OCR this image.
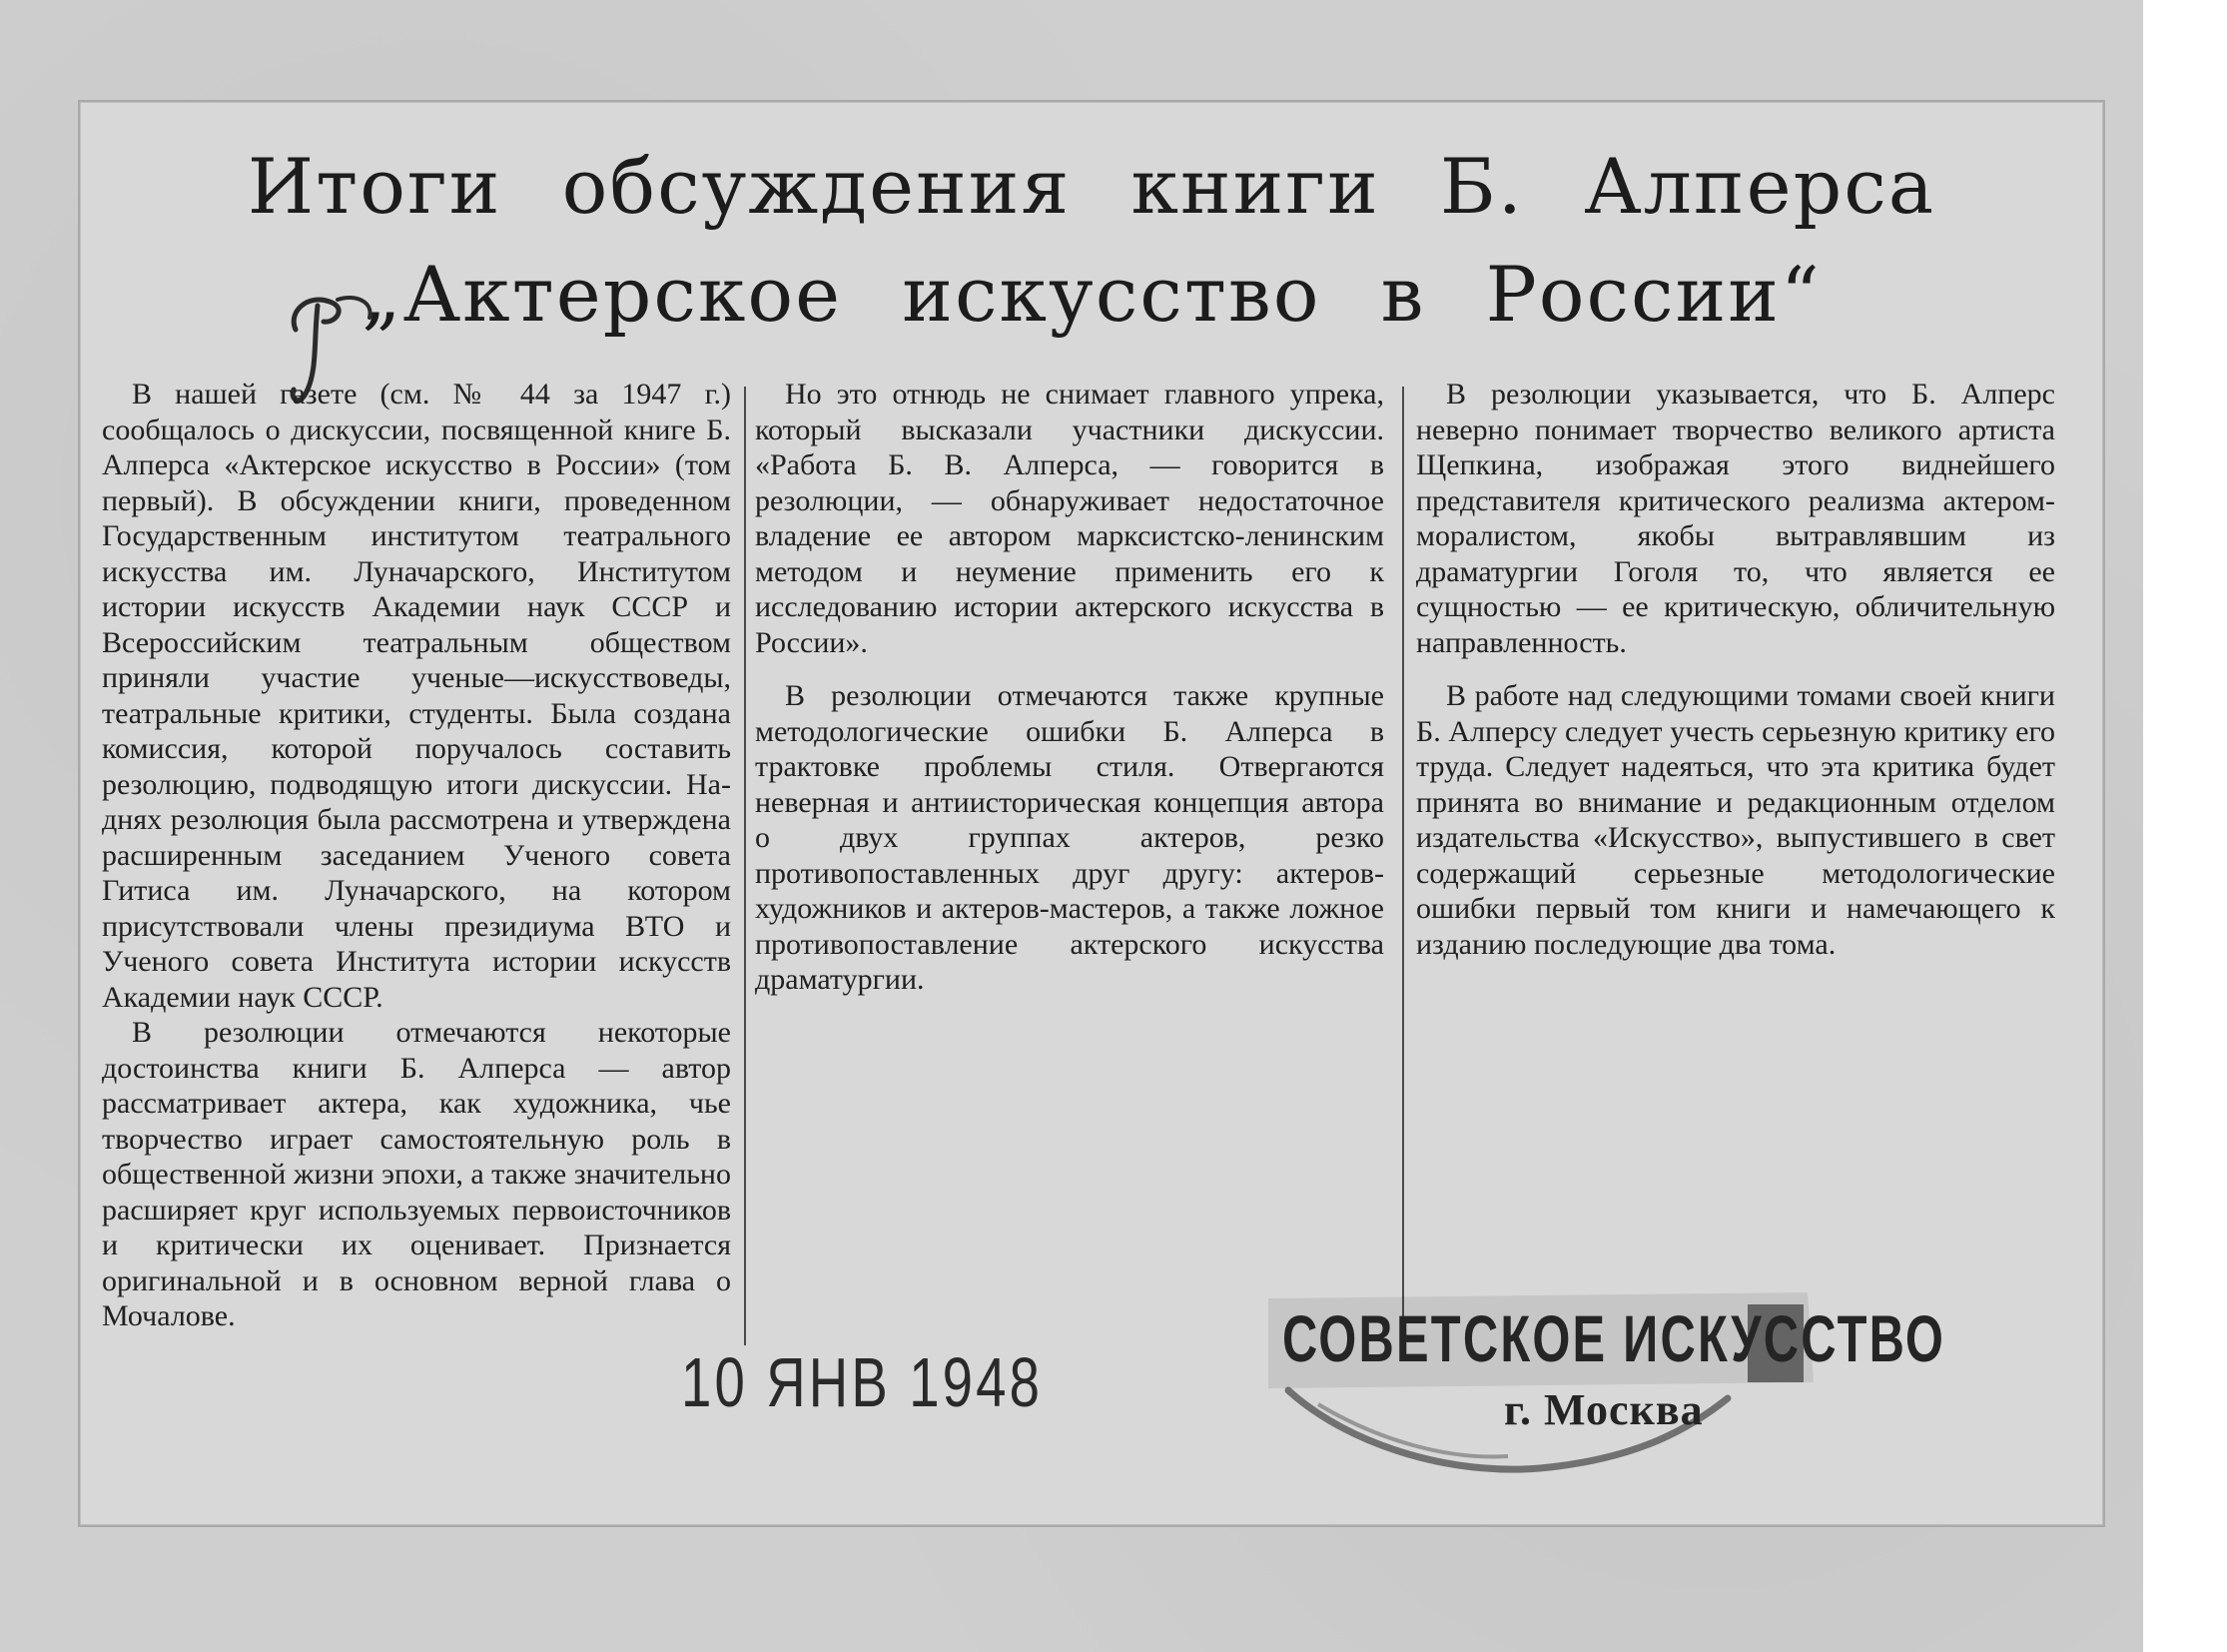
Итоги обсуждения книги Б. Алперса
„Актерское искусство в России“

В нашей газете (см. № 44 за 1947 г.) сообщалось о дискуссии, посвященной книге Б. Алперса «Актерское искусство в России» (том первый). В обсуждении книги, проведенном Государственным институтом театрального искусства им. Луначарского, Институтом истории искусств Академии наук СССР и Всероссийским театральным обществом приняли участие ученые—искусствоведы, театральные критики, студенты. Была создана комиссия, которой поручалось составить резолюцию, подводящую итоги дискуссии. На-днях резолюция была рассмотрена и утверждена расширенным заседанием Ученого совета Гитиса им. Луначарского, на котором присутствовали члены президиума ВТО и Ученого совета Института истории искусств Академии наук СССР.

В резолюции отмечаются некоторые достоинства книги Б. Алперса — автор рассматривает актера, как художника, чье творчество играет самостоятельную роль в общественной жизни эпохи, а также значительно расширяет круг используемых первоисточников и критически их оценивает. Признается оригинальной и в основном верной глава о Мочалове.

Но это отнюдь не снимает главного упрека, который высказали участники дискуссии. «Работа Б. В. Алперса, — говорится в резолюции, — обнаруживает недостаточное владение ее автором марксистско-ленинским методом и неумение применить его к исследованию истории актерского искусства в России».

В резолюции отмечаются также крупные методологические ошибки Б. Алперса в трактовке проблемы стиля. Отвергаются неверная и антиисторическая концепция автора о двух группах актеров, резко противопоставленных друг другу: актеров-художников и актеров-мастеров, а также ложное противопоставление актерского искусства драматургии.

В резолюции указывается, что Б. Алперс неверно понимает творчество великого артиста Щепкина, изображая этого виднейшего представителя критического реализма актером-моралистом, якобы вытравлявшим из драматургии Гоголя то, что является ее сущностью — ее критическую, обличительную направленность.

В работе над следующими томами своей книги Б. Алперсу следует учесть серьезную критику его труда. Следует надеяться, что эта критика будет принята во внимание и редакционным отделом издательства «Искусство», выпустившего в свет содержащий серьезные методологические ошибки первый том книги и намечающего к изданию последующие два тома.

10 ЯНВ 1948
СОВЕТСКОЕ ИСКУССТВО
г. Москва
